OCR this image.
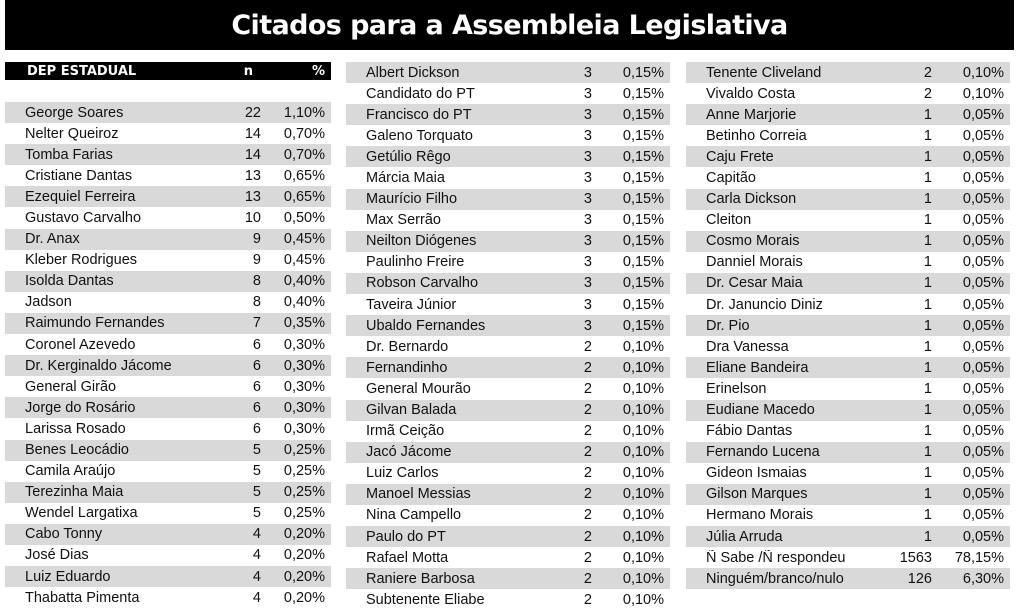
Citados para a Assembleia Legislativa
DEP ESTADUAL	n	%
George Soares	22	1,10%
Nelter Queiroz	14	0,70%
Tomba Farias	14	0,70%
Cristiane Dantas	13	0,65%
Ezequiel Ferreira	13	0,65%
Gustavo Carvalho	10	0,50%
Dr. Anax	9	0,45%
Kleber Rodrigues	9	0,45%
Isolda Dantas	8	0,40%
Jadson	8	0,40%
Raimundo Fernandes	7	0,35%
Coronel Azevedo	6	0,30%
Dr. Kerginaldo Jácome	6	0,30%
General Girão	6	0,30%
Jorge do Rosário	6	0,30%
Larissa Rosado	6	0,30%
Benes Leocádio	5	0,25%
Camila Araújo	5	0,25%
Terezinha Maia	5	0,25%
Wendel Largatixa	5	0,25%
Cabo Tonny	4	0,20%
José Dias	4	0,20%
Luiz Eduardo	4	0,20%
Thabatta Pimenta	4	0,20%
Albert Dickson	3	0,15%
Candidato do PT	3	0,15%
Francisco do PT	3	0,15%
Galeno Torquato	3	0,15%
Getúlio Rêgo	3	0,15%
Márcia Maia	3	0,15%
Maurício Filho	3	0,15%
Max Serrão	3	0,15%
Neilton Diógenes	3	0,15%
Paulinho Freire	3	0,15%
Robson Carvalho	3	0,15%
Taveira Júnior	3	0,15%
Ubaldo Fernandes	3	0,15%
Dr. Bernardo	2	0,10%
Fernandinho	2	0,10%
General Mourão	2	0,10%
Gilvan Balada	2	0,10%
Irmã Ceição	2	0,10%
Jacó Jácome	2	0,10%
Luiz Carlos	2	0,10%
Manoel Messias	2	0,10%
Nina Campello	2	0,10%
Paulo do PT	2	0,10%
Rafael Motta	2	0,10%
Raniere Barbosa	2	0,10%
Subtenente Eliabe	2	0,10%
Tenente Cliveland	2	0,10%
Vivaldo Costa	2	0,10%
Anne Marjorie	1	0,05%
Betinho Correia	1	0,05%
Caju Frete	1	0,05%
Capitão	1	0,05%
Carla Dickson	1	0,05%
Cleiton	1	0,05%
Cosmo Morais	1	0,05%
Danniel Morais	1	0,05%
Dr. Cesar Maia	1	0,05%
Dr. Januncio Diniz	1	0,05%
Dr. Pio	1	0,05%
Dra Vanessa	1	0,05%
Eliane Bandeira	1	0,05%
Erinelson	1	0,05%
Eudiane Macedo	1	0,05%
Fábio Dantas	1	0,05%
Fernando Lucena	1	0,05%
Gideon Ismaias	1	0,05%
Gilson Marques	1	0,05%
Hermano Morais	1	0,05%
Júlia Arruda	1	0,05%
Ñ Sabe /Ñ respondeu	1563	78,15%
Ninguém/branco/nulo	126	6,30%
